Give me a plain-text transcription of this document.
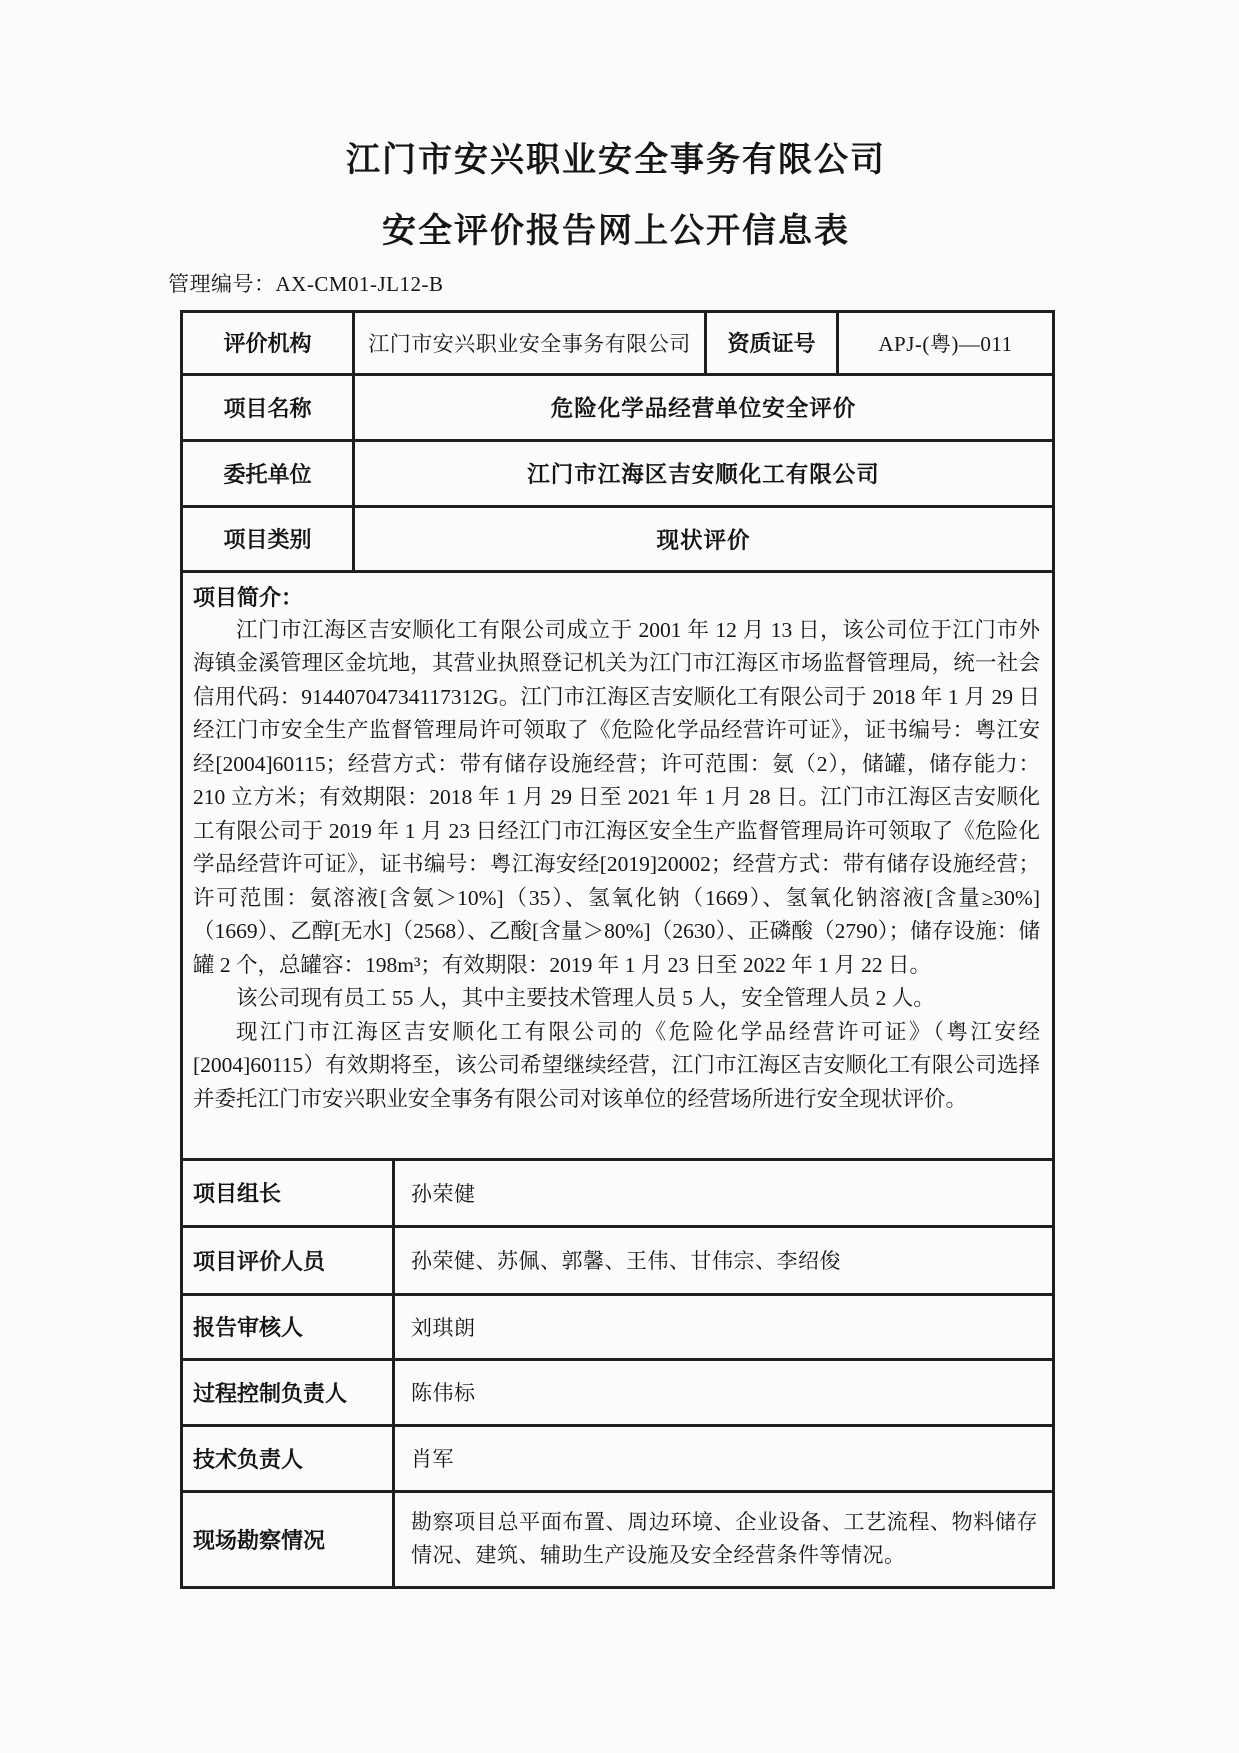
江门市安兴职业安全事务有限公司
安全评价报告网上公开信息表
管理编号：AX-CM01-JL12-B
评价机构	江门市安兴职业安全事务有限公司	资质证号	APJ-(粤)—011
项目名称	危险化学品经营单位安全评价		
委托单位	江门市江海区吉安顺化工有限公司		
项目类别	现状评价		

项目简介：

江门市江海区吉安顺化工有限公司成立于 2001 年 12 月 13 日，该公司位于江门市外海镇金溪管理区金坑地，其营业执照登记机关为江门市江海区市场监督管理局，统一社会信用代码：91440704734117312G。江门市江海区吉安顺化工有限公司于 2018 年 1 月 29 日经江门市安全生产监督管理局许可领取了《危险化学品经营许可证》，证书编号：粤江安经[2004]60115；经营方式：带有储存设施经营；许可范围：氨（2），储罐，储存能力：210 立方米；有效期限：2018 年 1 月 29 日至 2021 年 1 月 28 日。江门市江海区吉安顺化工有限公司于 2019 年 1 月 23 日经江门市江海区安全生产监督管理局许可领取了《危险化学品经营许可证》，证书编号：粤江海安经[2019]20002；经营方式：带有储存设施经营；许可范围：氨溶液[含氨＞10%]（35）、氢氧化钠（1669）、氢氧化钠溶液[含量≥30%]（1669）、乙醇[无水]（2568）、乙酸[含量＞80%]（2630）、正磷酸（2790）；储存设施：储罐 2 个，总罐容：198m³；有效期限：2019 年 1 月 23 日至 2022 年 1 月 22 日。

该公司现有员工 55 人，其中主要技术管理人员 5 人，安全管理人员 2 人。

现江门市江海区吉安顺化工有限公司的《危险化学品经营许可证》（粤江安经[2004]60115）有效期将至，该公司希望继续经营，江门市江海区吉安顺化工有限公司选择并委托江门市安兴职业安全事务有限公司对该单位的经营场所进行安全现状评价。			

项目组长	孙荣健
项目评价人员	孙荣健、苏佩、郭馨、王伟、甘伟宗、李绍俊
报告审核人	刘琪朗
过程控制负责人	陈伟标
技术负责人	肖军
现场勘察情况	勘察项目总平面布置、周边环境、企业设备、工艺流程、物料储存情况、建筑、辅助生产设施及安全经营条件等情况。
